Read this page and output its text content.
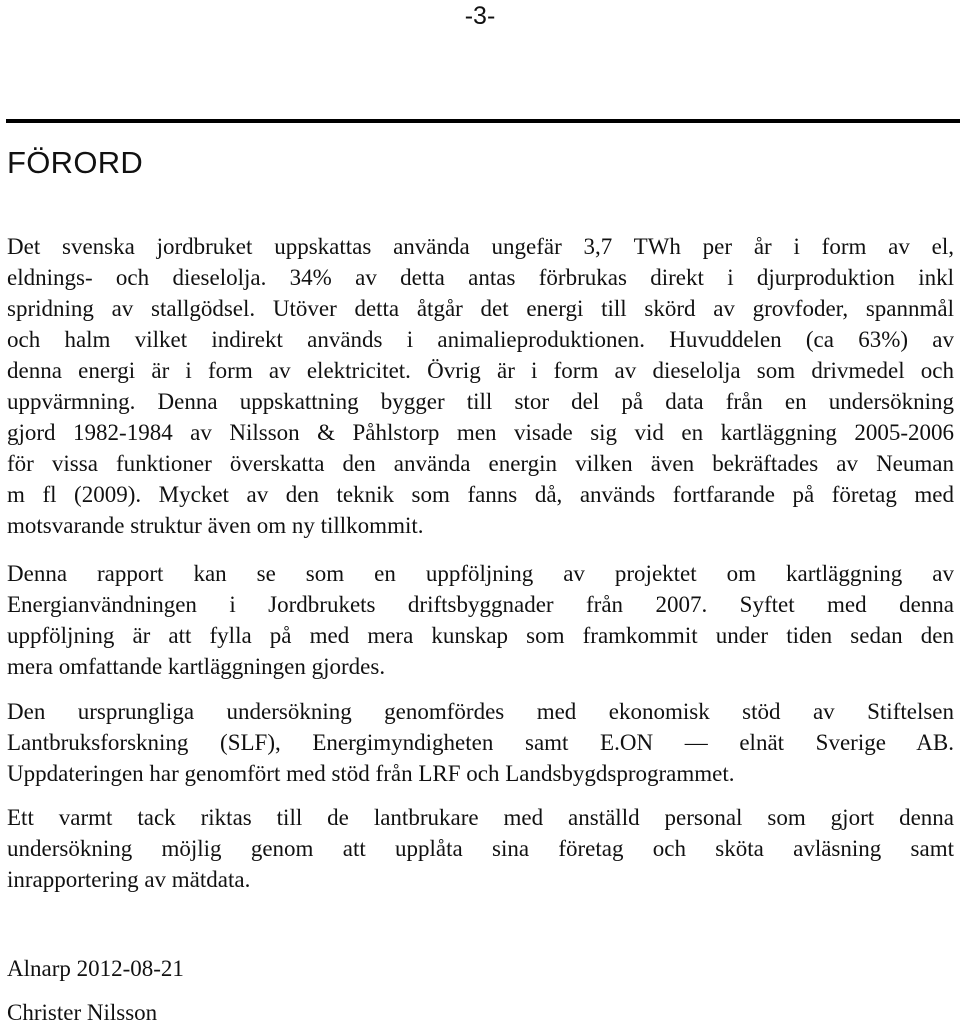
-3-
FÖRORD

Det svenska jordbruket uppskattas använda ungefär 3,7 TWh per år i form av el,
eldnings- och dieselolja. 34% av detta antas förbrukas direkt i djurproduktion inkl
spridning av stallgödsel. Utöver detta åtgår det energi till skörd av grovfoder, spannmål
och halm vilket indirekt används i animalieproduktionen. Huvuddelen (ca 63%) av
denna energi är i form av elektricitet. Övrig är i form av dieselolja som drivmedel och
uppvärmning. Denna uppskattning bygger till stor del på data från en undersökning
gjord 1982-1984 av Nilsson & Påhlstorp men visade sig vid en kartläggning 2005-2006
för vissa funktioner överskatta den använda energin vilken även bekräftades av Neuman
m fl (2009). Mycket av den teknik som fanns då, används fortfarande på företag med
motsvarande struktur även om ny tillkommit.

Denna rapport kan se som en uppföljning av projektet om kartläggning av
Energianvändningen i Jordbrukets driftsbyggnader från 2007. Syftet med denna
uppföljning är att fylla på med mera kunskap som framkommit under tiden sedan den
mera omfattande kartläggningen gjordes.

Den ursprungliga undersökning genomfördes med ekonomisk stöd av Stiftelsen
Lantbruksforskning (SLF), Energimyndigheten samt E.ON — elnät Sverige AB.
Uppdateringen har genomfört med stöd från LRF och Landsbygdsprogrammet.

Ett varmt tack riktas till de lantbrukare med anställd personal som gjort denna
undersökning möjlig genom att upplåta sina företag och sköta avläsning samt
inrapportering av mätdata.

Alnarp 2012-08-21

Christer Nilsson
